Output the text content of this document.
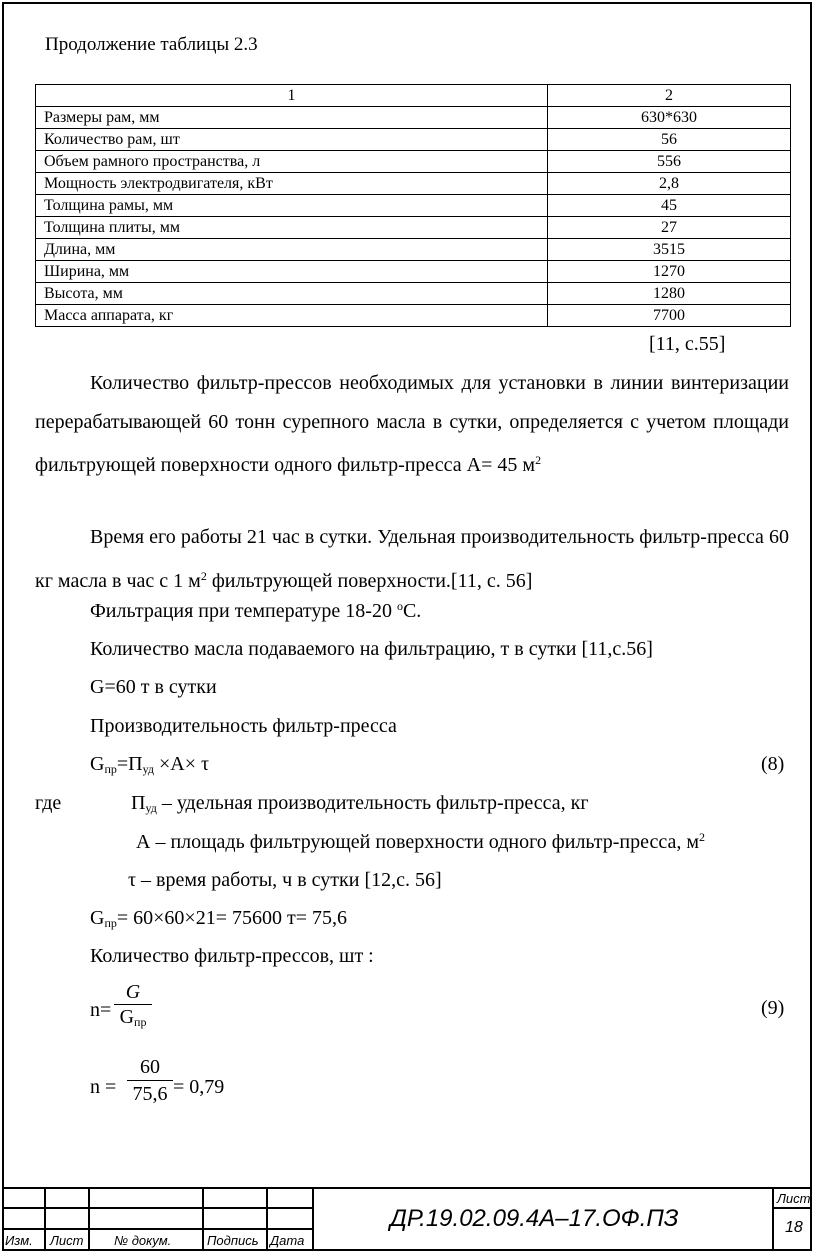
Продолжение таблицы 2.3
1	2
Размеры рам, мм	630*630
Количество рам, шт	56
Объем рамного пространства, л	556
Мощность электродвигателя, кВт	2,8
Толщина рамы, мм	45
Толщина плиты, мм	27
Длина, мм	3515
Ширина, мм	1270
Высота, мм	1280
Масса аппарата, кг	7700
[11, с.55]
Количество фильтр-прессов необходимых для установки в линии винтеризации перерабатывающей 60 тонн сурепного масла в сутки, определяется с учетом площади фильтрующей поверхности одного фильтр-пресса А= 45 $м^2$
Время его работы 21 час в сутки. Удельная производительность фильтр-пресса 60 кг масла в час с 1 $м^2$ фильтрующей поверхности.[11, с. 56]
Фильтрация при температуре 18-20 $^o$С.
Количество масла подаваемого на фильтрацию, т в сутки [11,с.56]
G=60 т в сутки
Производительность фильтр-пресса
$G_{пр}=П_{уд} \times А\times \tau$	(8)
где	$П_{уд}$ – удельная производительность фильтр-пресса, кг
А – площадь фильтрующей поверхности одного фильтр-пресса, $м^2$
τ – время работы, ч в сутки [12,с. 56]
$G_{пр}= 60\times 60\times 21= 75600$ т= 75,6
Количество фильтр-прессов, шт :
n=
G
$G_{пр}$
(9)
$n = \frac{60}{75,6} = 0,79$
Изм. Лист № докум.	Подпись Дата
ДР.19.02.09.4А–17.ОФ.ПЗ
Лист
18
